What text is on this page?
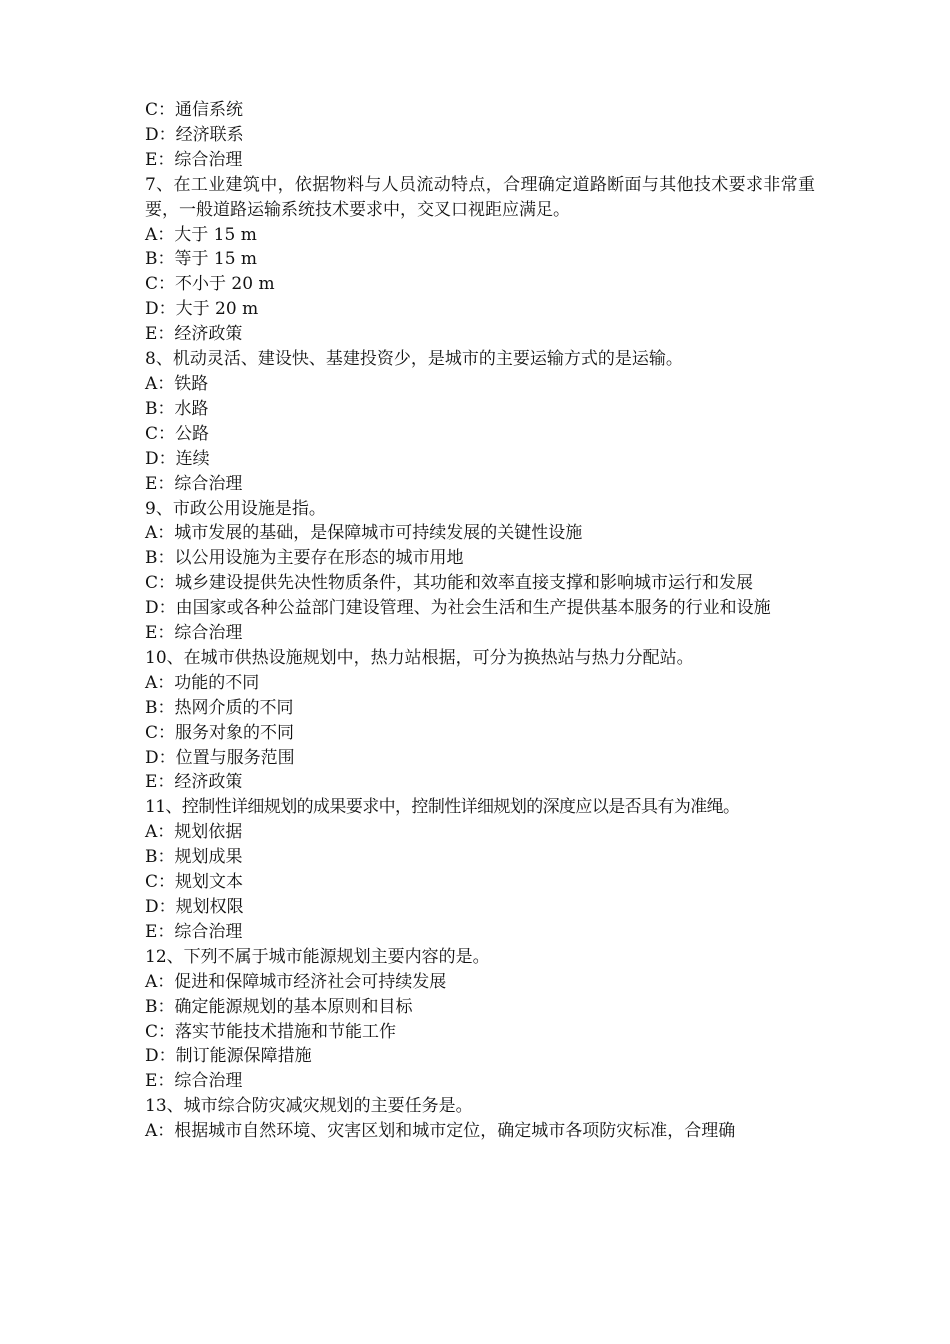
C：通信系统

D：经济联系

E：综合治理

7、在工业建筑中，依据物料与人员流动特点，合理确定道路断面与其他技术要求非常重要，一般道路运输系统技术要求中，交叉口视距应满足。

A：大于 15 m

B：等于 15 m

C：不小于 20 m

D：大于 20 m

E：经济政策

8、机动灵活、建设快、基建投资少，是城市的主要运输方式的是运输。

A：铁路

B：水路

C：公路

D：连续

E：综合治理

9、市政公用设施是指。

A：城市发展的基础，是保障城市可持续发展的关键性设施

B：以公用设施为主要存在形态的城市用地

C：城乡建设提供先决性物质条件，其功能和效率直接支撑和影响城市运行和发展

D：由国家或各种公益部门建设管理、为社会生活和生产提供基本服务的行业和设施

E：综合治理

10、在城市供热设施规划中，热力站根据，可分为换热站与热力分配站。

A：功能的不同

B：热网介质的不同

C：服务对象的不同

D：位置与服务范围

E：经济政策

11、控制性详细规划的成果要求中，控制性详细规划的深度应以是否具有为准绳。

A：规划依据

B：规划成果

C：规划文本

D：规划权限

E：综合治理

12、下列不属于城市能源规划主要内容的是。

A：促进和保障城市经济社会可持续发展

B：确定能源规划的基本原则和目标

C：落实节能技术措施和节能工作

D：制订能源保障措施

E：综合治理

13、城市综合防灾减灾规划的主要任务是。

A：根据城市自然环境、灾害区划和城市定位，确定城市各项防灾标准，合理确
